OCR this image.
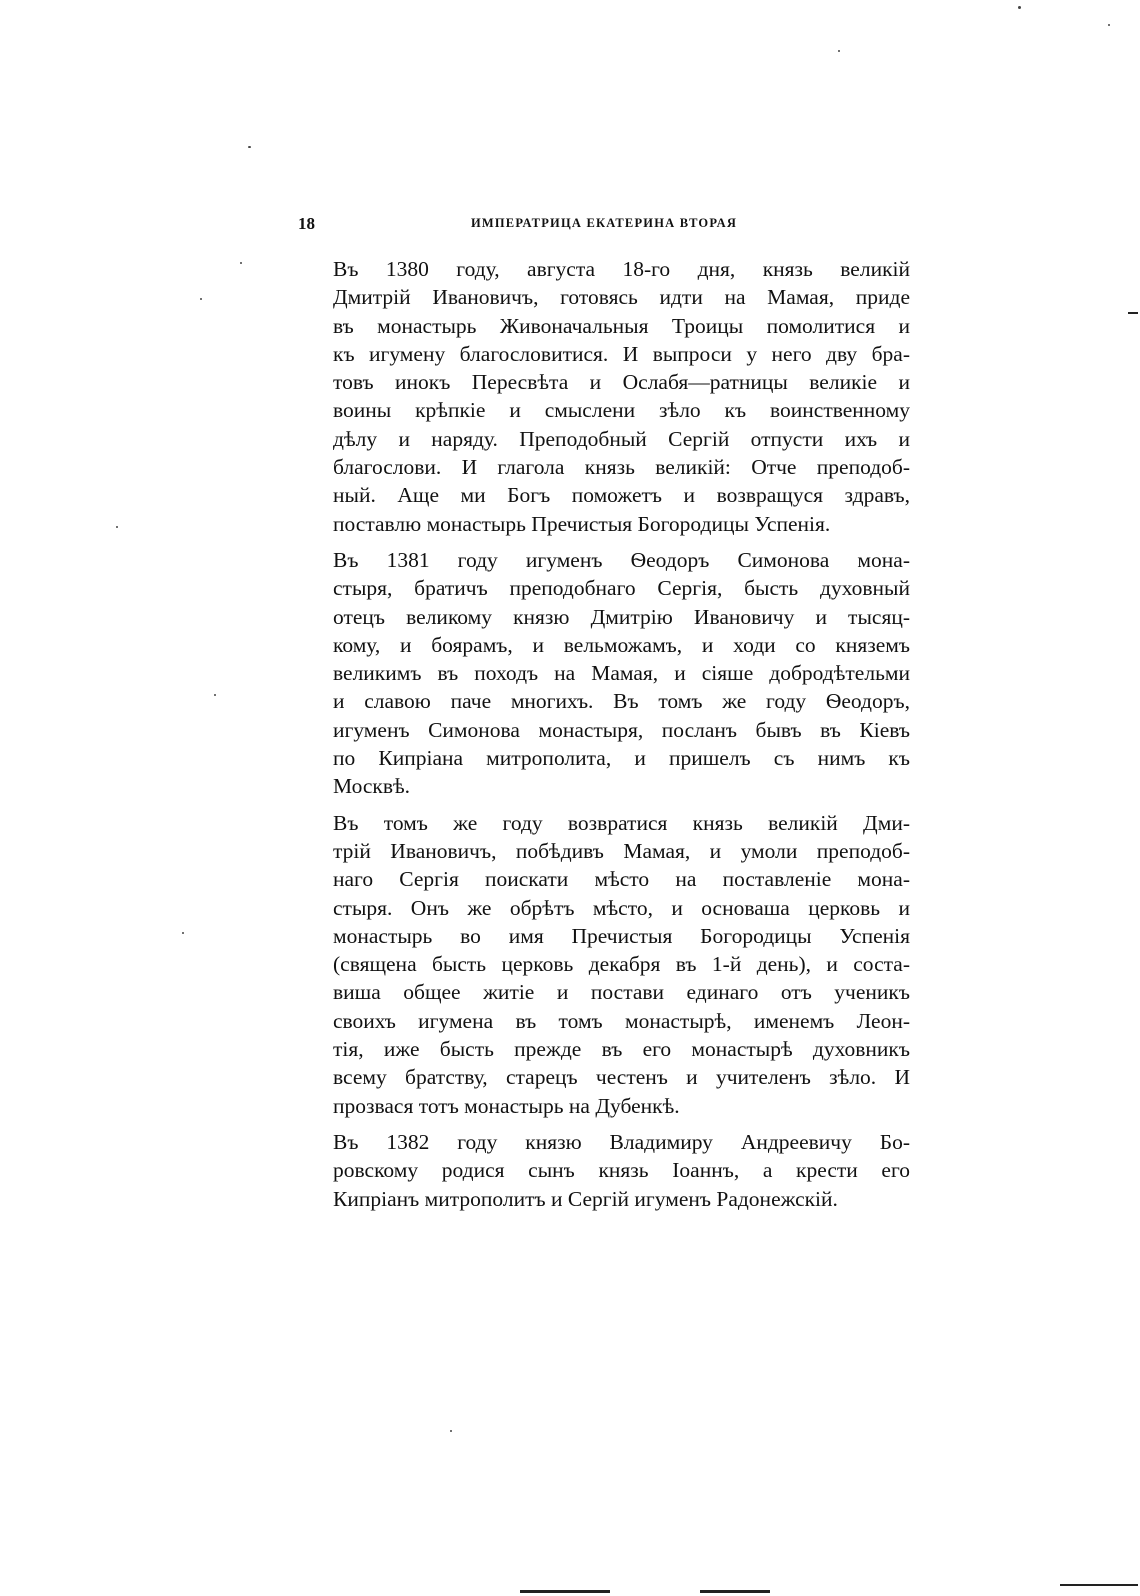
18	ИМПЕРАТРИЦА ЕКАТЕРИНА ВТОРАЯ

Въ 1380 году, августа 18-го дня, князь великій
Дмитрій Ивановичъ, готовясь идти на Мамая, приде
въ монастырь Живоначальныя Троицы помолитися и
къ игумену благословитися. И выпроси у него дву бра-
товъ инокъ Пересвѣта и Ослабя—ратницы великіе и
воины крѣпкіе и смыслени зѣло къ воинственному
дѣлу и наряду. Преподобный Сергій отпусти ихъ и
благослови. И глагола князь великій: Отче преподоб-
ный. Аще ми Богъ поможетъ и возвращуся здравъ,
поставлю монастырь Пречистыя Богородицы Успенія.

Въ 1381 году игуменъ Ѳеодоръ Симонова мона-
стыря, братичъ преподобнаго Сергія, бысть духовный
отецъ великому князю Дмитрію Ивановичу и тысяц-
кому, и боярамъ, и вельможамъ, и ходи со княземъ
великимъ въ походъ на Мамая, и сіяше добродѣтельми
и славою паче многихъ. Въ томъ же году Ѳеодоръ,
игуменъ Симонова монастыря, посланъ бывъ въ Кіевъ
по Кипріана митрополита, и пришелъ съ нимъ къ
Москвѣ.

Въ томъ же году возвратися князь великій Дми-
трій Ивановичъ, побѣдивъ Мамая, и умоли преподоб-
наго Сергія поискати мѣсто на поставленіе мона-
стыря. Онъ же обрѣтъ мѣсто, и основаша церковь и
монастырь во имя Пречистыя Богородицы Успенія
(священа бысть церковь декабря въ 1-й день), и соста-
виша общее житіе и постави единаго отъ ученикъ
своихъ игумена въ томъ монастырѣ, именемъ Леон-
тія, иже бысть прежде въ его монастырѣ духовникъ
всему братству, старецъ честенъ и учителенъ зѣло. И
прозвася тотъ монастырь на Дубенкѣ.

Въ 1382 году князю Владимиру Андреевичу Бо-
ровскому родися сынъ князь Іоаннъ, а крести его
Кипріанъ митрополитъ и Сергій игуменъ Радонежскій.
